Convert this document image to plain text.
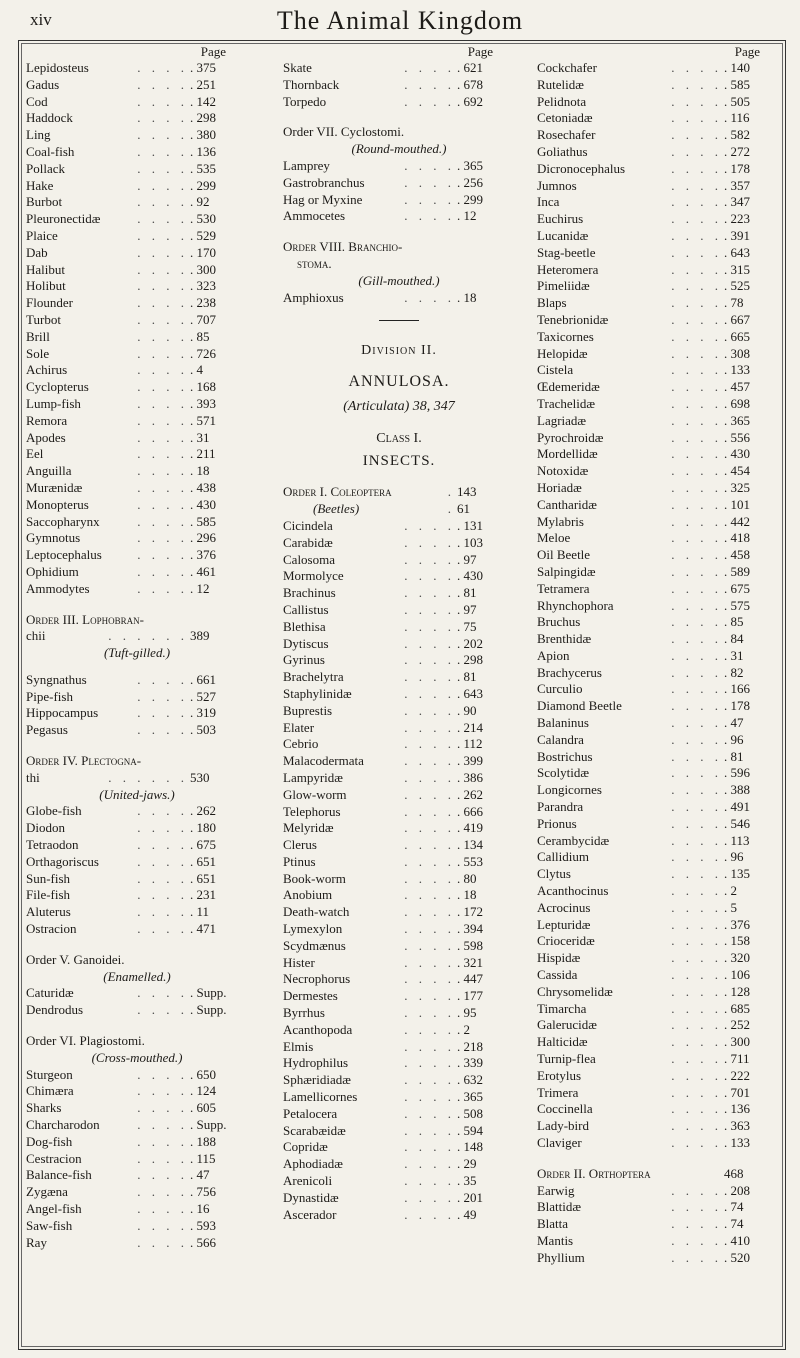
xiv	The Animal Kingdom
Page
Lepidosteus	. . . . . 375
Gadus	. . . . . 251
Cod	. . . . . 142
Haddock	. . . . . 298
Ling	. . . . . 380
Coal-fish	. . . . . 136
Pollack	. . . . . 535
Hake	. . . . . 299
Burbot	. . . . . 92
Pleuronectidæ	. . . . . 530
Plaice	. . . . . 529
Dab	. . . . . 170
Halibut	. . . . . 300
Holibut	. . . . . 323
Flounder	. . . . . 238
Turbot	. . . . . 707
Brill	. . . . . 85
Sole	. . . . . 726
Achirus	. . . . . 4
Cyclopterus	. . . . . 168
Lump-fish	. . . . . 393
Remora	. . . . . 571
Apodes	. . . . . 31
Eel	. . . . . 211
Anguilla	. . . . . 18
Murænidæ	. . . . . 438
Monopterus	. . . . . 430
Saccopharynx	. . . . . 585
Gymnotus	. . . . . 296
Leptocephalus	. . . . . 376
Ophidium	. . . . . 461
Ammodytes	. . . . . 12
Order III. Lophobran-
chii	. . . . . . 389
(Tuft-gilled.)
Syngnathus	. . . . . 661
Pipe-fish	. . . . . 527
Hippocampus	. . . . . 319
Pegasus	. . . . . 503
Order IV. Plectogna-
thi	. . . . . . 530
(United-jaws.)
Globe-fish	. . . . . 262
Diodon	. . . . . 180
Tetraodon	. . . . . 675
Orthagoriscus	. . . . . 651
Sun-fish	. . . . . 651
File-fish	. . . . . 231
Aluterus	. . . . . 11
Ostracion	. . . . . 471
Order V. Ganoidei.
(Enamelled.)
Caturidæ	. . . . . Supp.
Dendrodus	. . . . . Supp.
Order VI. Plagiostomi.
(Cross-mouthed.)
Sturgeon	. . . . . 650
Chimæra	. . . . . 124
Sharks	. . . . . 605
Charcharodon	. . . . . Supp.
Dog-fish	. . . . . 188
Cestracion	. . . . . 115
Balance-fish	. . . . . 47
Zygæna	. . . . . 756
Angel-fish	. . . . . 16
Saw-fish	. . . . . 593
Ray	. . . . . 566
Page
Skate	. . . . . 621
Thornback	. . . . . 678
Torpedo	. . . . . 692
Order VII. Cyclostomi.
(Round-mouthed.)
Lamprey	. . . . . 365
Gastrobranchus	. . . . . 256
Hag or Myxine	. . . . . 299
Ammocetes	. . . . . 12
Order VIII. Branchio-
stoma.
(Gill-mouthed.)
Amphioxus	. . . . . 18
Division II.
ANNULOSA.
(Articulata) 38, 347
Class I.
INSECTS.
Order I. Coleoptera	. 143
(Beetles)	. 61
Cicindela	. . . . . 131
Carabidæ	. . . . . 103
Calosoma	. . . . . 97
Mormolyce	. . . . . 430
Brachinus	. . . . . 81
Callistus	. . . . . 97
Blethisa	. . . . . 75
Dytiscus	. . . . . 202
Gyrinus	. . . . . 298
Brachelytra	. . . . . 81
Staphylinidæ	. . . . . 643
Buprestis	. . . . . 90
Elater	. . . . . 214
Cebrio	. . . . . 112
Malacodermata	. . . . . 399
Lampyridæ	. . . . . 386
Glow-worm	. . . . . 262
Telephorus	. . . . . 666
Melyridæ	. . . . . 419
Clerus	. . . . . 134
Ptinus	. . . . . 553
Book-worm	. . . . . 80
Anobium	. . . . . 18
Death-watch	. . . . . 172
Lymexylon	. . . . . 394
Scydmænus	. . . . . 598
Hister	. . . . . 321
Necrophorus	. . . . . 447
Dermestes	. . . . . 177
Byrrhus	. . . . . 95
Acanthopoda	. . . . . 2
Elmis	. . . . . 218
Hydrophilus	. . . . . 339
Sphæridiadæ	. . . . . 632
Lamellicornes	. . . . . 365
Petalocera	. . . . . 508
Scarabæidæ	. . . . . 594
Copridæ	. . . . . 148
Aphodiadæ	. . . . . 29
Arenicoli	. . . . . 35
Dynastidæ	. . . . . 201
Ascerador	. . . . . 49
Page
Cockchafer	. . . . . 140
Rutelidæ	. . . . . 585
Pelidnota	. . . . . 505
Cetoniadæ	. . . . . 116
Rosechafer	. . . . . 582
Goliathus	. . . . . 272
Dicronocephalus	. . . . . 178
Jumnos	. . . . . 357
Inca	. . . . . 347
Euchirus	. . . . . 223
Lucanidæ	. . . . . 391
Stag-beetle	. . . . . 643
Heteromera	. . . . . 315
Pimeliidæ	. . . . . 525
Blaps	. . . . . 78
Tenebrionidæ	. . . . . 667
Taxicornes	. . . . . 665
Helopidæ	. . . . . 308
Cistela	. . . . . 133
Œdemeridæ	. . . . . 457
Trachelidæ	. . . . . 698
Lagriadæ	. . . . . 365
Pyrochroidæ	. . . . . 556
Mordellidæ	. . . . . 430
Notoxidæ	. . . . . 454
Horiadæ	. . . . . 325
Cantharidæ	. . . . . 101
Mylabris	. . . . . 442
Meloe	. . . . . 418
Oil Beetle	. . . . . 458
Salpingidæ	. . . . . 589
Tetramera	. . . . . 675
Rhynchophora	. . . . . 575
Bruchus	. . . . . 85
Brenthidæ	. . . . . 84
Apion	. . . . . 31
Brachycerus	. . . . . 82
Curculio	. . . . . 166
Diamond Beetle	. . . . . 178
Balaninus	. . . . . 47
Calandra	. . . . . 96
Bostrichus	. . . . . 81
Scolytidæ	. . . . . 596
Longicornes	. . . . . 388
Parandra	. . . . . 491
Prionus	. . . . . 546
Cerambycidæ	. . . . . 113
Callidium	. . . . . 96
Clytus	. . . . . 135
Acanthocinus	. . . . . 2
Acrocinus	. . . . . 5
Lepturidæ	. . . . . 376
Crioceridæ	. . . . . 158
Hispidæ	. . . . . 320
Cassida	. . . . . 106
Chrysomelidæ	. . . . . 128
Timarcha	. . . . . 685
Galerucidæ	. . . . . 252
Halticidæ	. . . . . 300
Turnip-flea	. . . . . 711
Erotylus	. . . . . 222
Trimera	. . . . . 701
Coccinella	. . . . . 136
Lady-bird	. . . . . 363
Claviger	. . . . . 133
Order II. Orthoptera	468
Earwig	. . . . . 208
Blattidæ	. . . . . 74
Blatta	. . . . . 74
Mantis	. . . . . 410
Phyllium	. . . . . 520
